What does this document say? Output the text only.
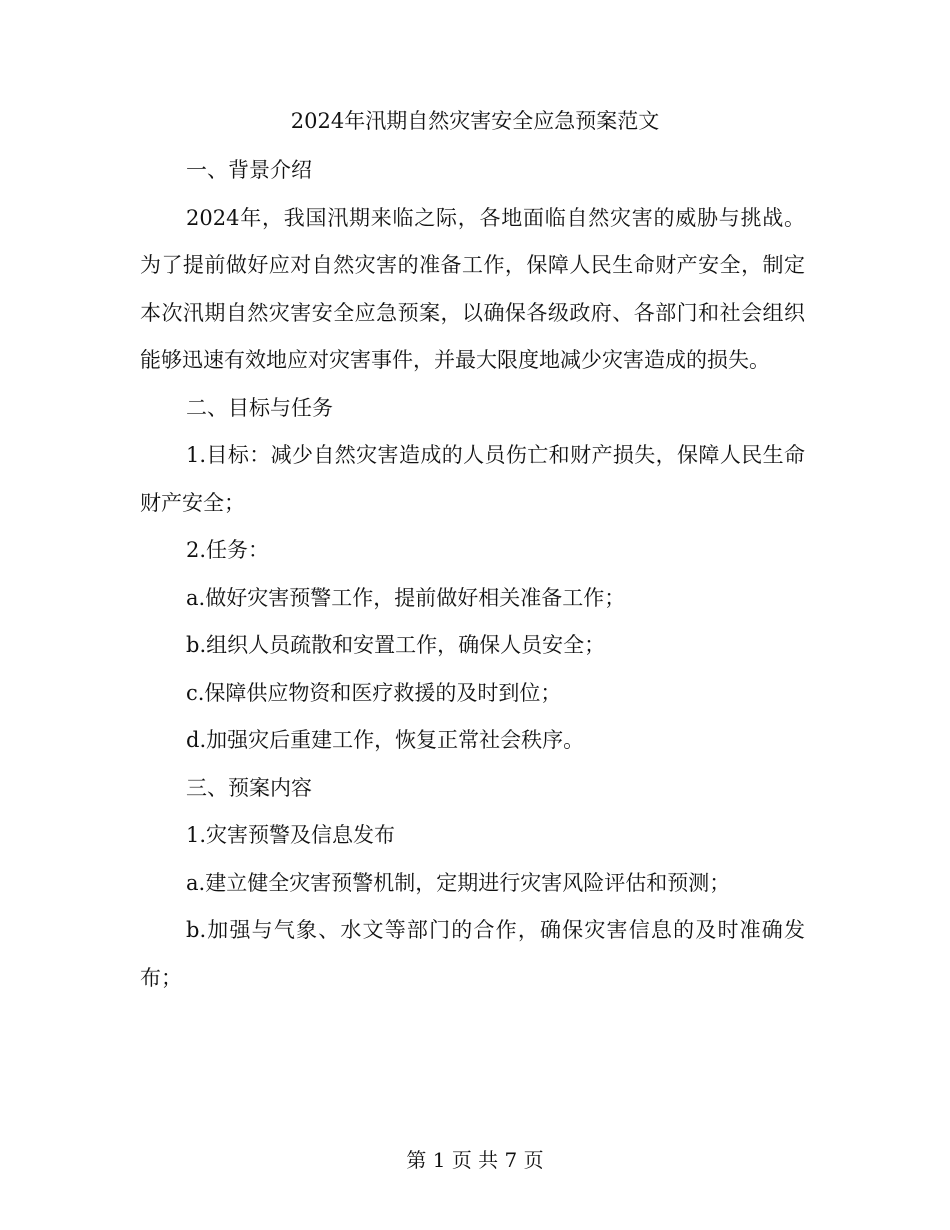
2024年汛期自然灾害安全应急预案范文

一、背景介绍

2024年，我国汛期来临之际，各地面临自然灾害的威胁与挑战。为了提前做好应对自然灾害的准备工作，保障人民生命财产安全，制定本次汛期自然灾害安全应急预案，以确保各级政府、各部门和社会组织能够迅速有效地应对灾害事件，并最大限度地减少灾害造成的损失。

二、目标与任务

1.目标：减少自然灾害造成的人员伤亡和财产损失，保障人民生命财产安全；

2.任务：

a.做好灾害预警工作，提前做好相关准备工作；

b.组织人员疏散和安置工作，确保人员安全；

c.保障供应物资和医疗救援的及时到位；

d.加强灾后重建工作，恢复正常社会秩序。

三、预案内容

1.灾害预警及信息发布

a.建立健全灾害预警机制，定期进行灾害风险评估和预测；

b.加强与气象、水文等部门的合作，确保灾害信息的及时准确发布；

第 1 页 共 7 页
